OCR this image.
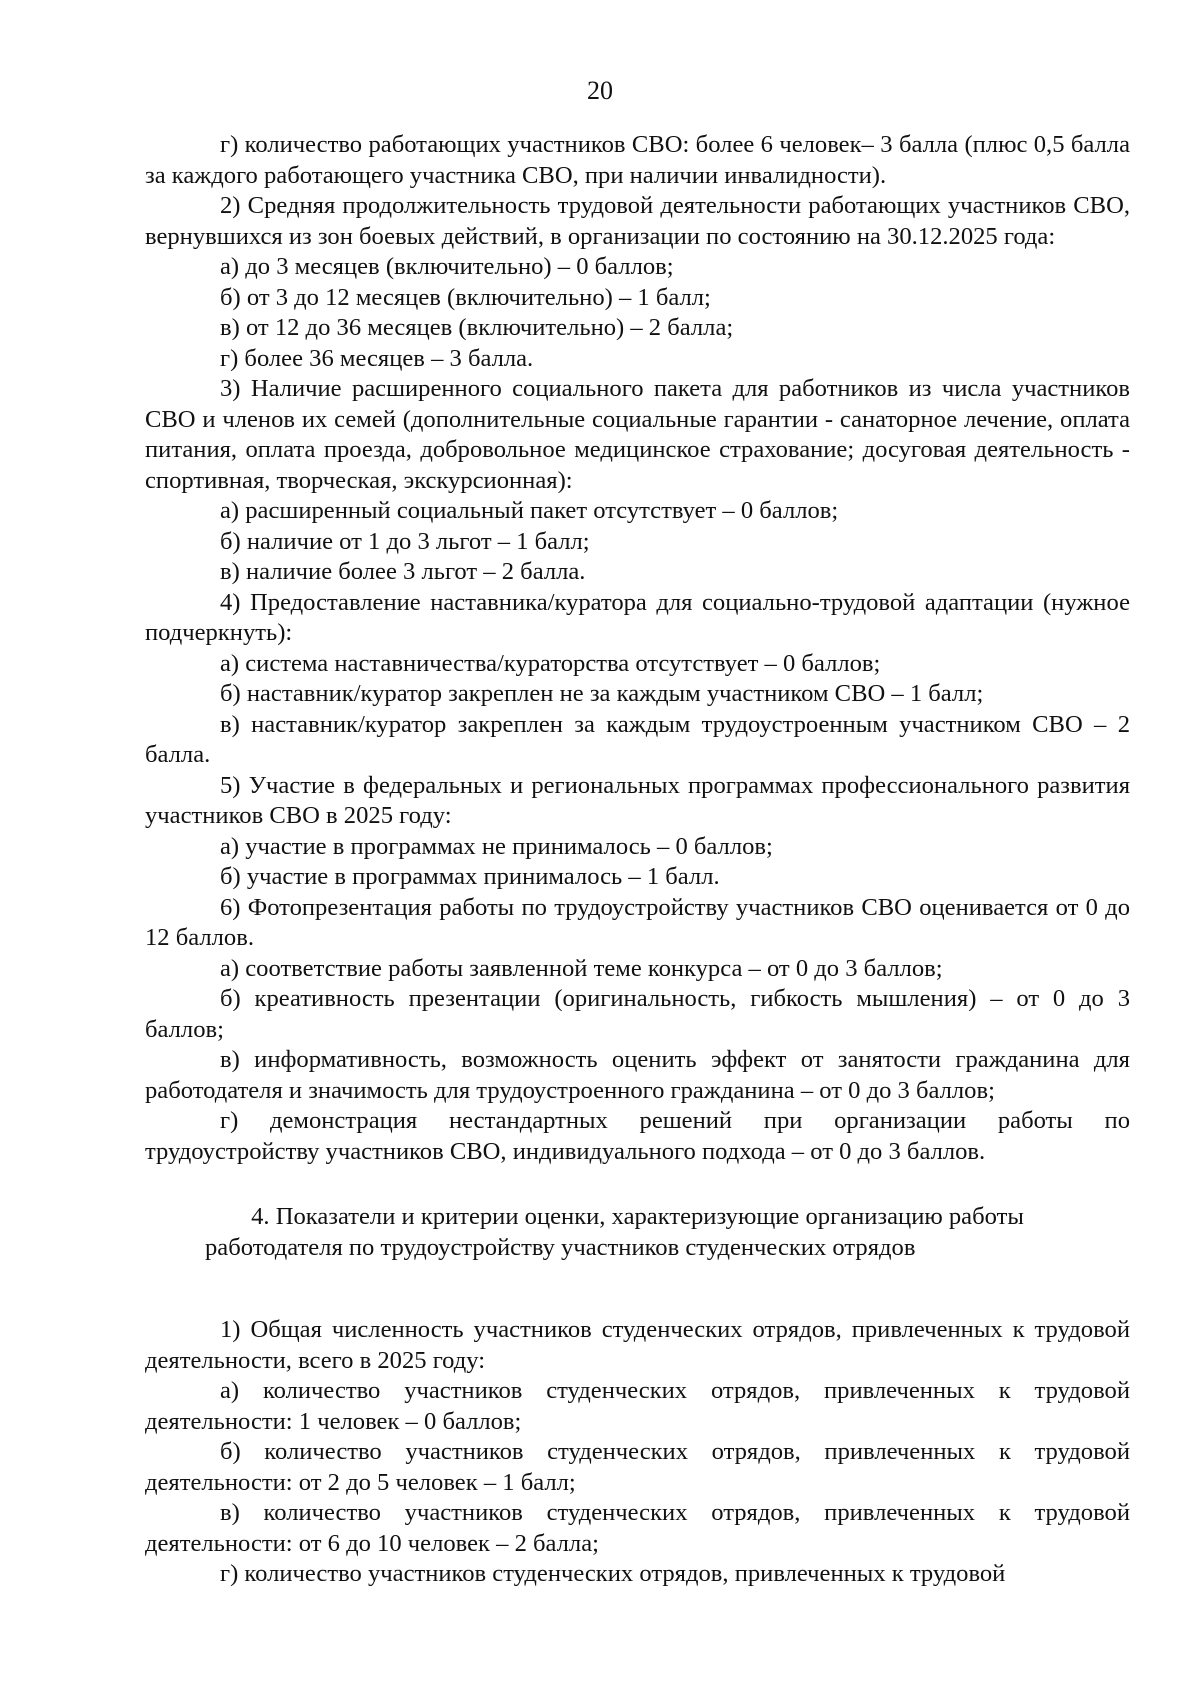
20

г) количество работающих участников СВО: более 6 человек– 3 балла (плюс 0,5 балла за каждого работающего участника СВО, при наличии инвалидности).

2) Средняя продолжительность трудовой деятельности работающих участников СВО, вернувшихся из зон боевых действий, в организации по состоянию на 30.12.2025 года:

а) до 3 месяцев (включительно) – 0 баллов;

б) от 3 до 12 месяцев (включительно) – 1 балл;

в) от 12 до 36 месяцев (включительно) – 2 балла;

г) более 36 месяцев – 3 балла.

3) Наличие расширенного социального пакета для работников из числа участников СВО и членов их семей (дополнительные социальные гарантии - санаторное лечение, оплата питания, оплата проезда, добровольное медицинское страхование; досуговая деятельность - спортивная, творческая, экскурсионная):

а) расширенный социальный пакет отсутствует – 0 баллов;

б) наличие от 1 до 3 льгот – 1 балл;

в) наличие более 3 льгот – 2 балла.

4) Предоставление наставника/куратора для социально-трудовой адаптации (нужное подчеркнуть):

а) система наставничества/кураторства отсутствует – 0 баллов;

б) наставник/куратор закреплен не за каждым участником СВО – 1 балл;

в) наставник/куратор закреплен за каждым трудоустроенным участником СВО – 2 балла.

5) Участие в федеральных и региональных программах профессионального развития участников СВО в 2025 году:

а) участие в программах не принималось – 0 баллов;

б) участие в программах принималось – 1 балл.

6) Фотопрезентация работы по трудоустройству участников СВО оценивается от 0 до 12 баллов.

а) соответствие работы заявленной теме конкурса – от 0 до 3 баллов;

б) креативность презентации (оригинальность, гибкость мышления) – от 0 до 3 баллов;

в) информативность, возможность оценить эффект от занятости гражданина для работодателя и значимость для трудоустроенного гражданина – от 0 до 3 баллов;

г) демонстрация нестандартных решений при организации работы по трудоустройству участников СВО, индивидуального подхода – от 0 до 3 баллов.

4. Показатели и критерии оценки, характеризующие организацию работы работодателя по трудоустройству участников студенческих отрядов

1) Общая численность участников студенческих отрядов, привлеченных к трудовой деятельности, всего в 2025 году:

а) количество участников студенческих отрядов, привлеченных к трудовой деятельности: 1 человек – 0 баллов;

б) количество участников студенческих отрядов, привлеченных к трудовой деятельности: от 2 до 5 человек – 1 балл;

в) количество участников студенческих отрядов, привлеченных к трудовой деятельности: от 6 до 10 человек – 2 балла;

г) количество участников студенческих отрядов, привлеченных к трудовой
